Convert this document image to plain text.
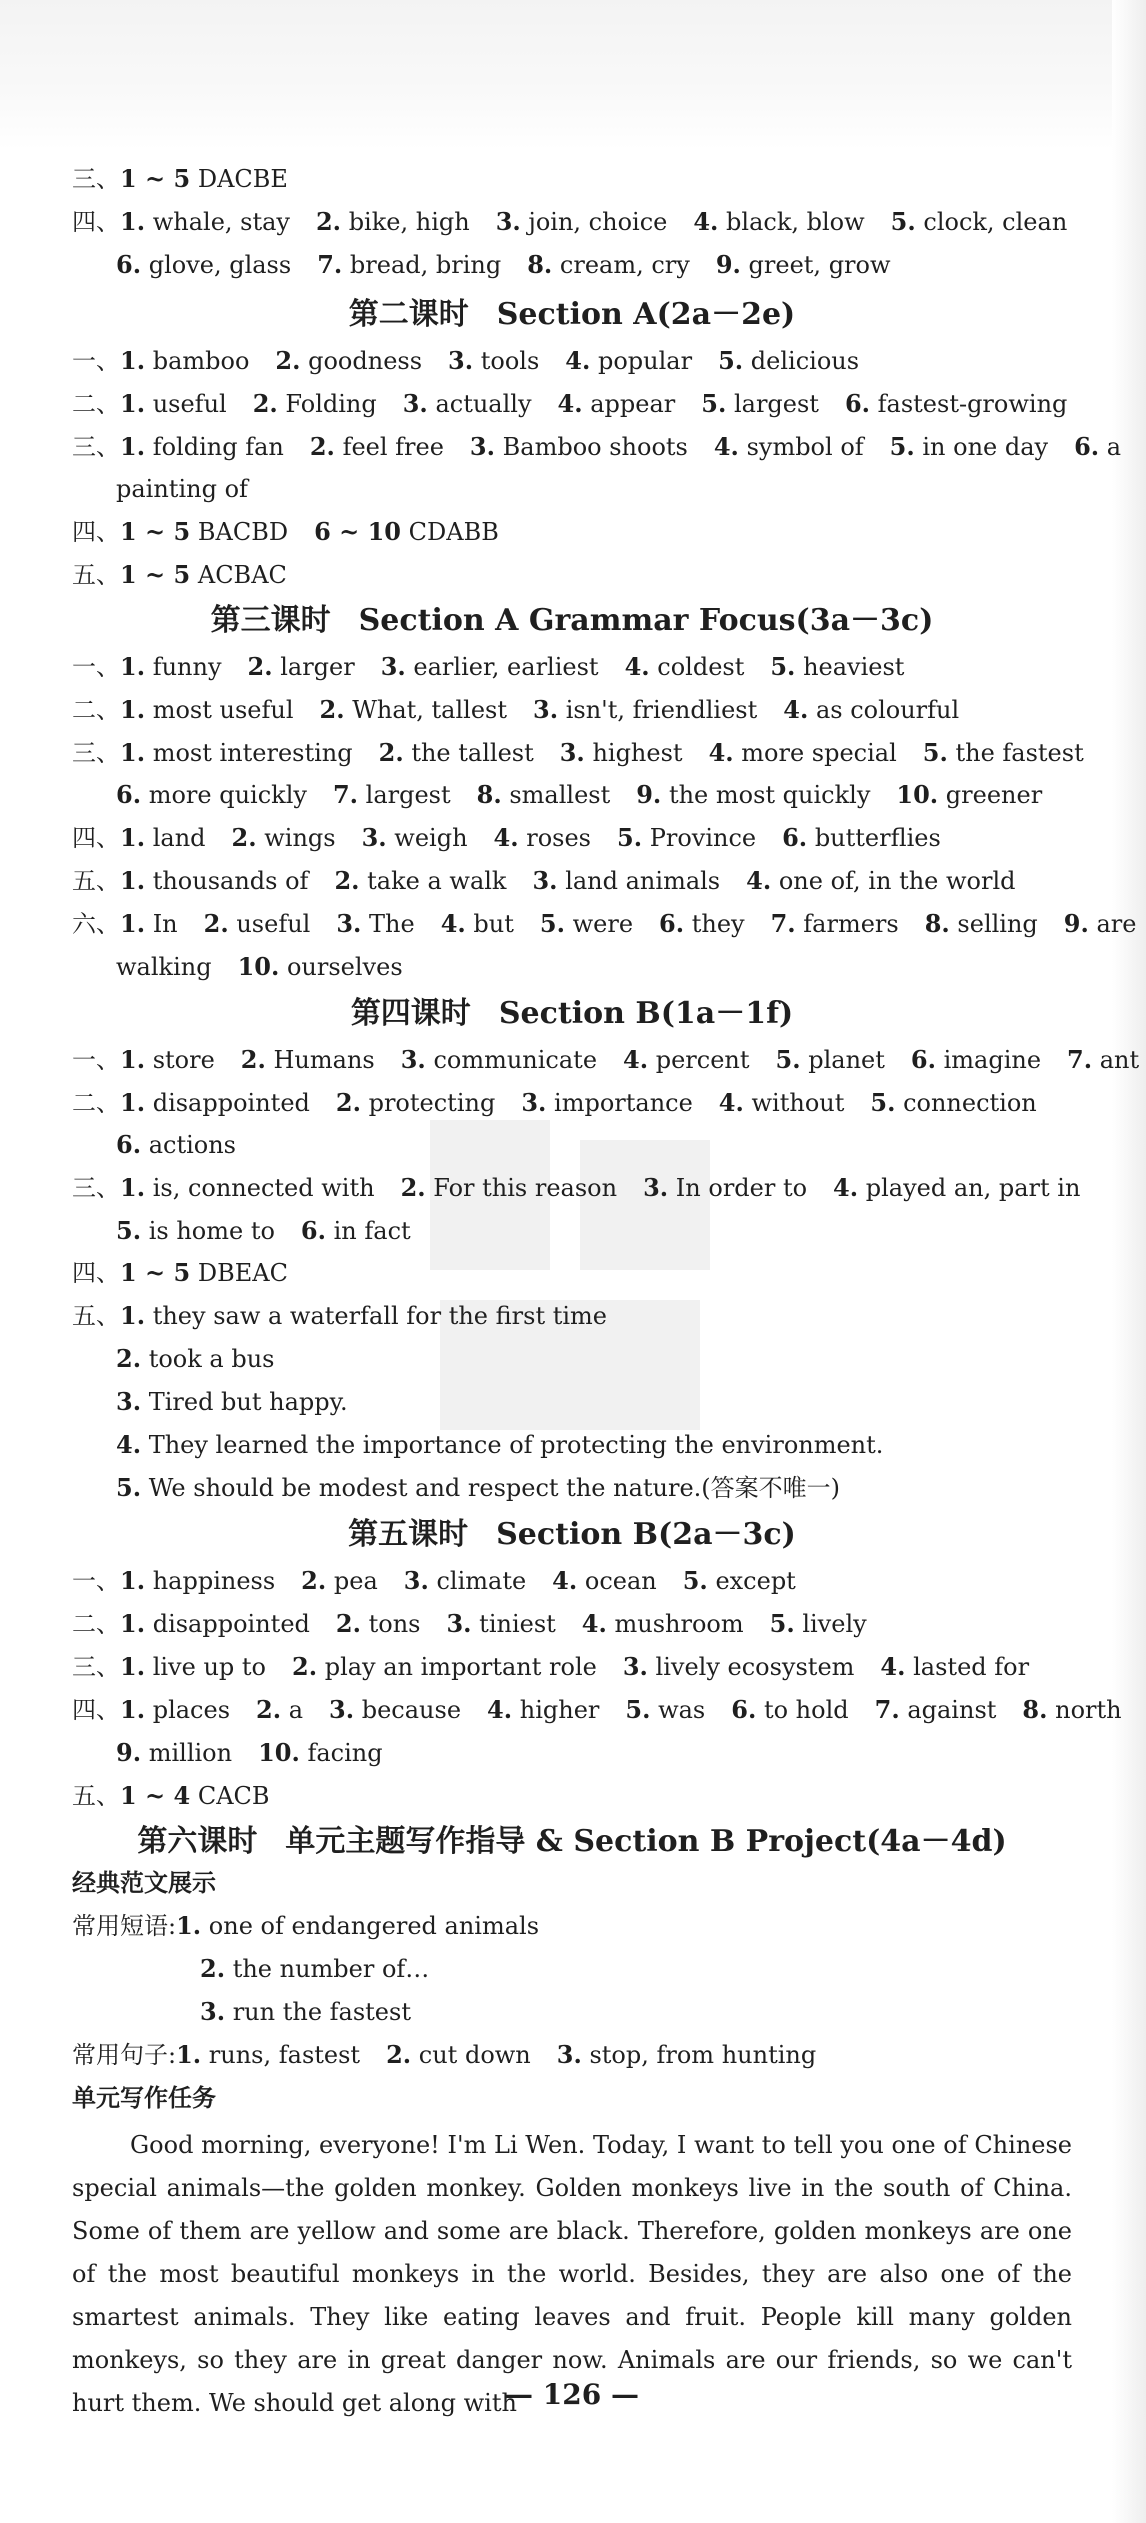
三、1 ~ 5 DACBE
四、1. whale, stay 2. bike, high 3. join, choice 4. black, blow 5. clock, clean
6. glove, glass 7. bread, bring 8. cream, cry 9. greet, grow
第二课时 Section A(2a－2e)
一、1. bamboo 2. goodness 3. tools 4. popular 5. delicious
二、1. useful 2. Folding 3. actually 4. appear 5. largest 6. fastest-growing
三、1. folding fan 2. feel free 3. Bamboo shoots 4. symbol of 5. in one day 6. a
painting of
四、1 ~ 5 BACBD 6 ~ 10 CDABB
五、1 ~ 5 ACBAC
第三课时 Section A Grammar Focus(3a－3c)
一、1. funny 2. larger 3. earlier, earliest 4. coldest 5. heaviest
二、1. most useful 2. What, tallest 3. isn't, friendliest 4. as colourful
三、1. most interesting 2. the tallest 3. highest 4. more special 5. the fastest
6. more quickly 7. largest 8. smallest 9. the most quickly 10. greener
四、1. land 2. wings 3. weigh 4. roses 5. Province 6. butterflies
五、1. thousands of 2. take a walk 3. land animals 4. one of, in the world
六、1. In 2. useful 3. The 4. but 5. were 6. they 7. farmers 8. selling 9. are
walking 10. ourselves
第四课时 Section B(1a－1f)
一、1. store 2. Humans 3. communicate 4. percent 5. planet 6. imagine 7. ant
二、1. disappointed 2. protecting 3. importance 4. without 5. connection
6. actions
三、1. is, connected with 2. For this reason 3. In order to 4. played an, part in
5. is home to 6. in fact
四、1 ~ 5 DBEAC
五、1. they saw a waterfall for the first time
2. took a bus
3. Tired but happy.
4. They learned the importance of protecting the environment.
5. We should be modest and respect the nature.(答案不唯一)
第五课时 Section B(2a－3c)
一、1. happiness 2. pea 3. climate 4. ocean 5. except
二、1. disappointed 2. tons 3. tiniest 4. mushroom 5. lively
三、1. live up to 2. play an important role 3. lively ecosystem 4. lasted for
四、1. places 2. a 3. because 4. higher 5. was 6. to hold 7. against 8. north
9. million 10. facing
五、1 ~ 4 CACB
第六课时 单元主题写作指导 & Section B Project(4a－4d)
经典范文展示
常用短语:1. one of endangered animals
2. the number of…
3. run the fastest
常用句子:1. runs, fastest 2. cut down 3. stop, from hunting
单元写作任务
Good morning, everyone! I'm Li Wen. Today, I want to tell you one of Chinese special animals—the golden monkey. Golden monkeys live in the south of China. Some of them are yellow and some are black. Therefore, golden monkeys are one of the most beautiful monkeys in the world. Besides, they are also one of the smartest animals. They like eating leaves and fruit. People kill many golden monkeys, so they are in great danger now. Animals are our friends, so we can't hurt them. We should get along with
— 126 —
